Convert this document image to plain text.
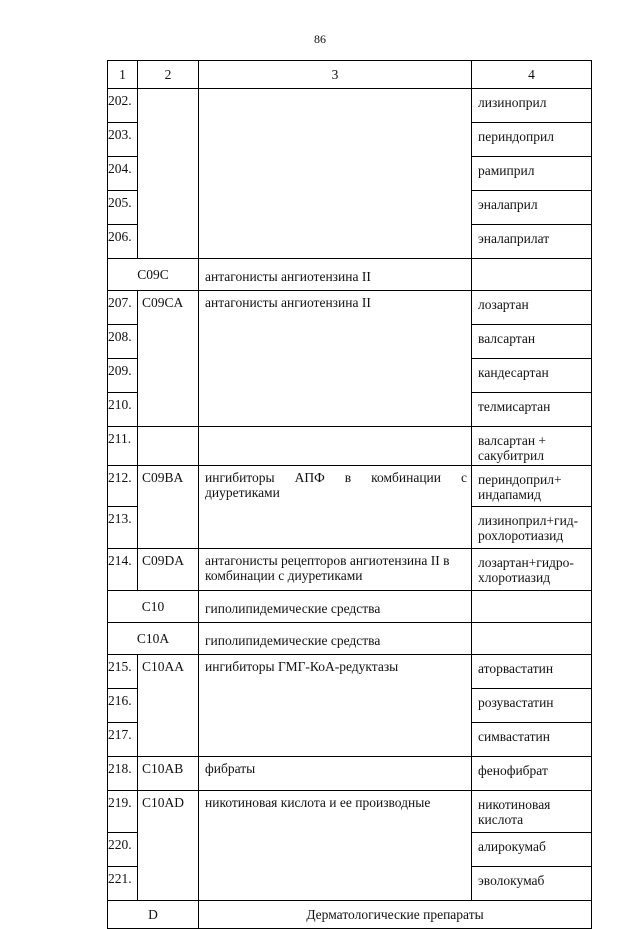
86
1	2	3	4
202.			лизиноприл
203.			периндоприл
204.			рамиприл
205.			эналаприл
206.			эналаприлат
C09C		антагонисты ангиотензина II	
207.	C09CA	антагонисты ангиотензина II	лозартан
208.			валсартан
209.			кандесартан
210.			телмисартан
211.			валсартан + сакубитрил
212.	C09BA	ингибиторы АПФ в комбинации с диуретиками	периндоприл+ индапамид
213.			лизиноприл+гид- рохлоротиазид
214.	C09DA	антагонисты рецепторов ангиотензина II в комбинации с диуретиками	лозартан+гидро- хлоротиазид
C10		гиполипидемические средства	
C10A		гиполипидемические средства	
215.	C10AA	ингибиторы ГМГ-КоА-редуктазы	аторвастатин
216.			розувастатин
217.			симвастатин
218.	C10AB	фибраты	фенофибрат
219.	C10AD	никотиновая кислота и ее производные	никотиновая кислота
220.			алирокумаб
221.			эволокумаб
D		Дерматологические препараты	
